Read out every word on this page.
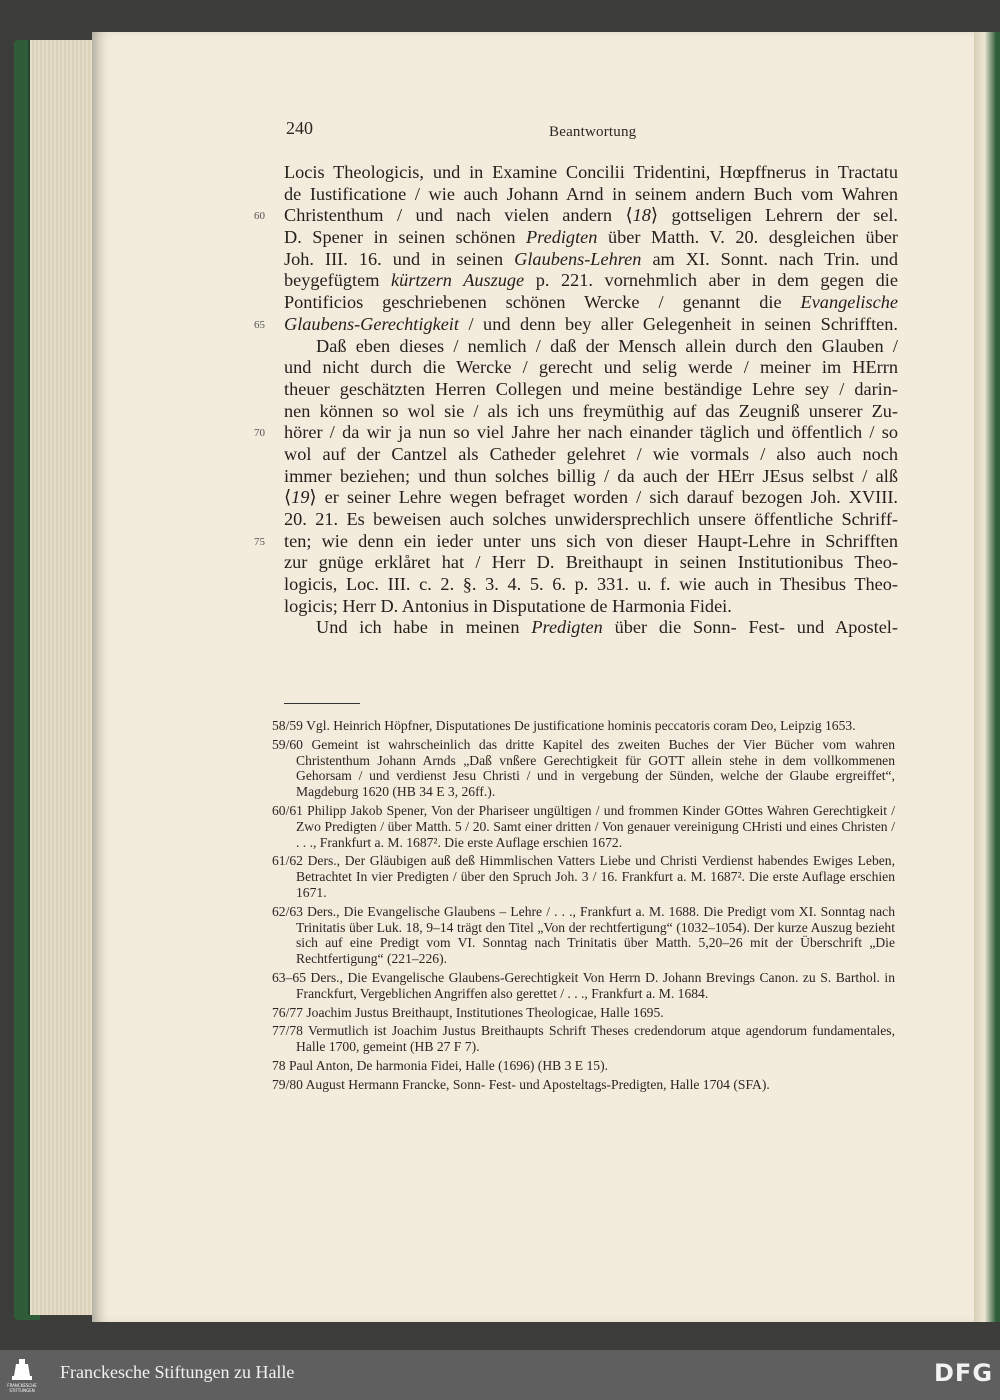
240	Beantwortung
Locis Theologicis, und in Examine Concilii Tridentini, Hœpffnerus in Tractatu
de Iustificatione / wie auch Johann Arnd in seinem andern Buch vom Wahren
60 Christenthum / und nach vielen andern ⟨18⟩ gottseligen Lehrern der sel.
D. Spener in seinen schönen Predigten über Matth. V. 20. desgleichen über
Joh. III. 16. und in seinen Glaubens-Lehren am XI. Sonnt. nach Trin. und
beygefügtem kürtzern Auszuge p. 221. vornehmlich aber in dem gegen die
Pontificios geschriebenen schönen Wercke / genannt die Evangelische
65 Glaubens-Gerechtigkeit / und denn bey aller Gelegenheit in seinen Schrifften.
Daß eben dieses / nemlich / daß der Mensch allein durch den Glauben /
und nicht durch die Wercke / gerecht und selig werde / meiner im HErrn
theuer geschätzten Herren Collegen und meine beständige Lehre sey / darin-
nen können so wol sie / als ich uns freymüthig auf das Zeugniß unserer Zu-
70 hörer / da wir ja nun so viel Jahre her nach einander täglich und öffentlich / so
wol auf der Cantzel als Catheder gelehret / wie vormals / also auch noch
immer beziehen; und thun solches billig / da auch der HErr JEsus selbst / alß
⟨19⟩ er seiner Lehre wegen befraget worden / sich darauf bezogen Joh. XVIII.
20. 21. Es beweisen auch solches unwidersprechlich unsere öffentliche Schriff-
75 ten; wie denn ein ieder unter uns sich von dieser Haupt-Lehre in Schrifften
zur gnüge erklåret hat / Herr D. Breithaupt in seinen Institutionibus Theo-
logicis, Loc. III. c. 2. §. 3. 4. 5. 6. p. 331. u. f. wie auch in Thesibus Theo-
logicis; Herr D. Antonius in Disputatione de Harmonia Fidei.
Und ich habe in meinen Predigten über die Sonn- Fest- und Apostel-
58/59 Vgl. Heinrich Höpfner, Disputationes De justificatione hominis peccatoris coram Deo, Leipzig 1653.
59/60 Gemeint ist wahrscheinlich das dritte Kapitel des zweiten Buches der Vier Bücher vom wahren Christenthum Johann Arnds „Daß vnßere Gerechtigkeit für GOTT allein stehe in dem vollkommenen Gehorsam / und verdienst Jesu Christi / und in vergebung der Sünden, welche der Glaube ergreiffet“, Magdeburg 1620 (HB 34 E 3, 26ff.).
60/61 Philipp Jakob Spener, Von der Phariseer ungültigen / und frommen Kinder GOttes Wahren Gerechtigkeit / Zwo Predigten / über Matth. 5 / 20. Samt einer dritten / Von genauer vereinigung CHristi und eines Christen / . . ., Frankfurt a. M. 1687². Die erste Auflage erschien 1672.
61/62 Ders., Der Gläubigen auß deß Himmlischen Vatters Liebe und Christi Verdienst habendes Ewiges Leben, Betrachtet In vier Predigten / über den Spruch Joh. 3 / 16. Frankfurt a. M. 1687². Die erste Auflage erschien 1671.
62/63 Ders., Die Evangelische Glaubens – Lehre / . . ., Frankfurt a. M. 1688. Die Predigt vom XI. Sonntag nach Trinitatis über Luk. 18, 9–14 trägt den Titel „Von der rechtfertigung“ (1032–1054). Der kurze Auszug bezieht sich auf eine Predigt vom VI. Sonntag nach Trinitatis über Matth. 5,20–26 mit der Überschrift „Die Rechtfertigung“ (221–226).
63–65 Ders., Die Evangelische Glaubens-Gerechtigkeit Von Herrn D. Johann Brevings Canon. zu S. Barthol. in Franckfurt, Vergeblichen Angriffen also gerettet / . . ., Frankfurt a. M. 1684.
76/77 Joachim Justus Breithaupt, Institutiones Theologicae, Halle 1695.
77/78 Vermutlich ist Joachim Justus Breithaupts Schrift Theses credendorum atque agendorum fundamentales, Halle 1700, gemeint (HB 27 F 7).
78 Paul Anton, De harmonia Fidei, Halle (1696) (HB 3 E 15).
79/80 August Hermann Francke, Sonn- Fest- und Aposteltags-Predigten, Halle 1704 (SFA).
FRANCKESCHE
STIFTUNGEN
Franckesche Stiftungen zu Halle	DFG
